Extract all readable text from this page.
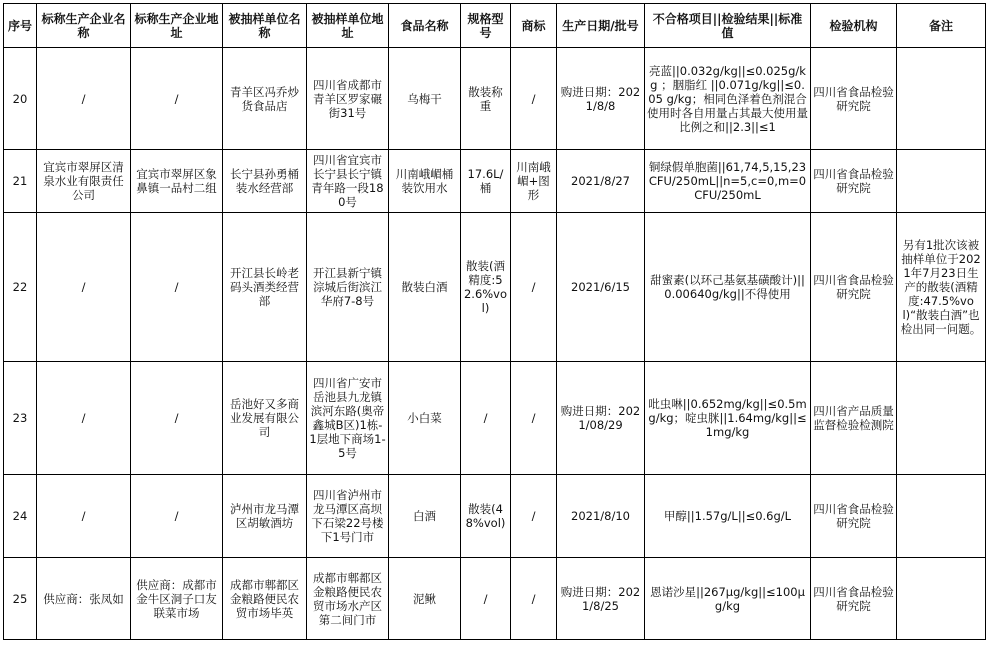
序号	标称生产企业名称	标称生产企业地址	被抽样单位名称	被抽样单位地址	食品名称	规格型号	商标	生产日期/批号	不合格项目||检验结果||标准值	检验机构	备注
20	/	/	青羊区冯乔炒货食品店	四川省成都市青羊区罗家碾街31号	乌梅干	散装称重	/	购进日期：2021/8/8	亮蓝||0.032g/kg||≤0.025g/kg ；胭脂红 ||0.071g/kg||≤0.05 g/kg；相同色泽着色剂混合使用时各自用量占其最大使用量比例之和||2.3||≤1	四川省食品检验研究院	
21	宜宾市翠屏区清泉水业有限责任公司	宜宾市翠屏区象鼻镇一品村二组	长宁县孙勇桶装水经营部	四川省宜宾市长宁县长宁镇青年路一段180号	川南峨嵋桶装饮用水	17.6L/桶	川南峨嵋+图形	2021/8/27	铜绿假单胞菌||61,74,5,15,23CFU/250mL||n=5,c=0,m=0CFU/250mL	四川省食品检验研究院	
22	/	/	开江县长岭老码头酒类经营部	开江县新宁镇淙城后街滨江华府7-8号	散装白酒	散装(酒精度:52.6%vol)	/	2021/6/15	甜蜜素(以环己基氨基磺酸计)||0.00640g/kg||不得使用	四川省食品检验研究院	另有1批次该被抽样单位于2021年7月23日生产的散装(酒精度:47.5%vol)“散装白酒”也检出同一问题。
23	/	/	岳池好又多商业发展有限公司	四川省广安市岳池县九龙镇滨河东路(奥帝鑫城B区)1栋-1层地下商场1-5号	小白菜	/	/	购进日期：2021/08/29	吡虫啉||0.652mg/kg||≤0.5mg/kg；啶虫脒||1.64mg/kg||≤1mg/kg	四川省产品质量监督检验检测院	
24	/	/	泸州市龙马潭区胡敏酒坊	四川省泸州市龙马潭区高坝下石梁22号楼下1号门市	白酒	散装(48%vol)	/	2021/8/10	甲醇||1.57g/L||≤0.6g/L	四川省食品检验研究院	
25	供应商：张凤如	供应商：成都市金牛区洞子口友联菜市场	成都市郫都区金粮路便民农贸市场毕英	成都市郫都区金粮路便民农贸市场水产区第二间门市	泥鳅	/	/	购进日期：2021/8/25	恩诺沙星||267μg/kg||≤100μg/kg	四川省食品检验研究院	
